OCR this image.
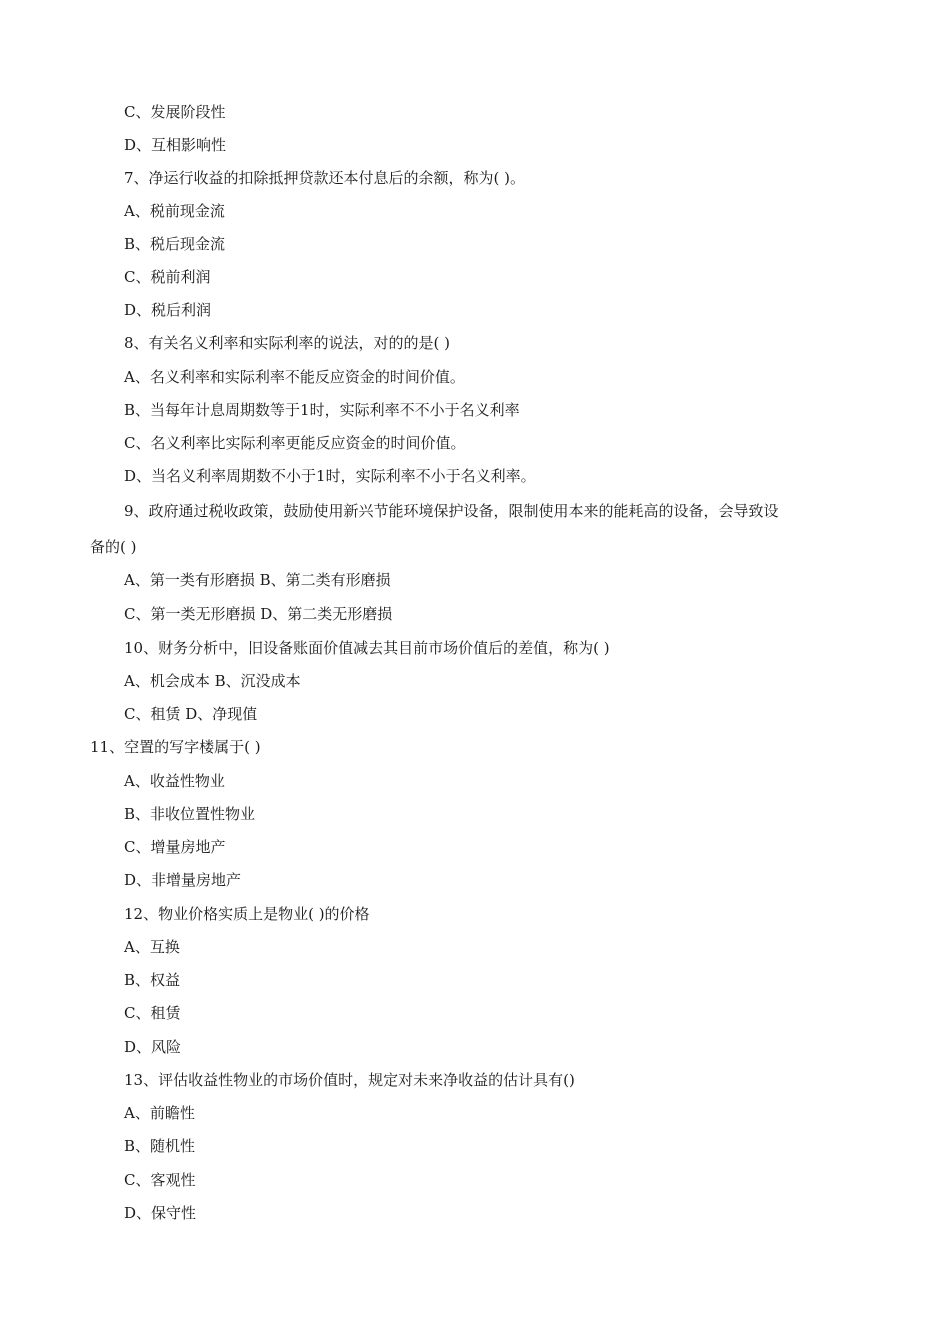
C、发展阶段性
D、互相影响性
7、净运行收益的扣除抵押贷款还本付息后的余额，称为( )。
A、税前现金流
B、税后现金流
C、税前利润
D、税后利润
8、有关名义利率和实际利率的说法，对的的是( )
A、名义利率和实际利率不能反应资金的时间价值。
B、当每年计息周期数等于1时，实际利率不不小于名义利率
C、名义利率比实际利率更能反应资金的时间价值。
D、当名义利率周期数不小于1时，实际利率不小于名义利率。
9、政府通过税收政策，鼓励使用新兴节能环境保护设备，限制使用本来的能耗高的设备，会导致设
备的( )
A、第一类有形磨损 B、第二类有形磨损
C、第一类无形磨损 D、第二类无形磨损
10、财务分析中，旧设备账面价值减去其目前市场价值后的差值，称为( )
A、机会成本 B、沉没成本
C、租赁 D、净现值
11、空置的写字楼属于( )
A、收益性物业
B、非收位置性物业
C、增量房地产
D、非增量房地产
12、物业价格实质上是物业( )的价格
A、互换
B、权益
C、租赁
D、风险
13、评估收益性物业的市场价值时，规定对未来净收益的估计具有()
A、前瞻性
B、随机性
C、客观性
D、保守性
